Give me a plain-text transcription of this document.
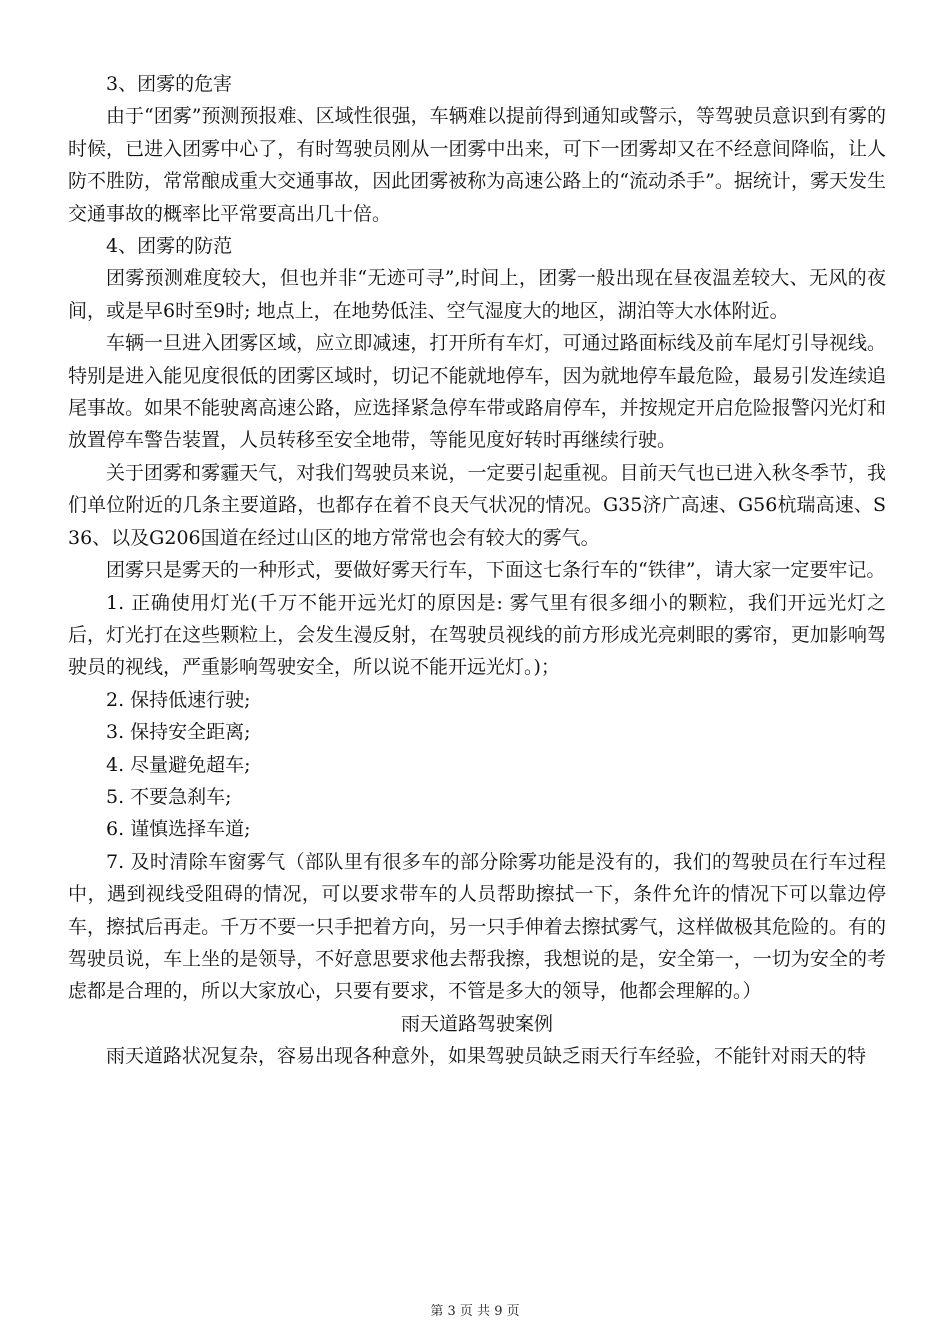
3、团雾的危害

由于“团雾”预测预报难、区域性很强，车辆难以提前得到通知或警示，等驾驶员意识到有雾的时候，已进入团雾中心了，有时驾驶员刚从一团雾中出来，可下一团雾却又在不经意间降临，让人防不胜防，常常酿成重大交通事故，因此团雾被称为高速公路上的“流动杀手”。据统计，雾天发生交通事故的概率比平常要高出几十倍。

4、团雾的防范

团雾预测难度较大，但也并非“无迹可寻”,时间上，团雾一般出现在昼夜温差较大、无风的夜间，或是早6时至9时; 地点上，在地势低洼、空气湿度大的地区，湖泊等大水体附近。

车辆一旦进入团雾区域，应立即减速，打开所有车灯，可通过路面标线及前车尾灯引导视线。特别是进入能见度很低的团雾区域时，切记不能就地停车，因为就地停车最危险，最易引发连续追尾事故。如果不能驶离高速公路，应选择紧急停车带或路肩停车，并按规定开启危险报警闪光灯和放置停车警告装置，人员转移至安全地带，等能见度好转时再继续行驶。

关于团雾和雾霾天气，对我们驾驶员来说，一定要引起重视。目前天气也已进入秋冬季节，我们单位附近的几条主要道路，也都存在着不良天气状况的情况。G35济广高速、G56杭瑞高速、S36、以及G206国道在经过山区的地方常常也会有较大的雾气。

团雾只是雾天的一种形式，要做好雾天行车，下面这七条行车的“铁律”，请大家一定要牢记。

1. 正确使用灯光(千万不能开远光灯的原因是: 雾气里有很多细小的颗粒，我们开远光灯之后，灯光打在这些颗粒上，会发生漫反射，在驾驶员视线的前方形成光亮刺眼的雾帘，更加影响驾驶员的视线，严重影响驾驶安全，所以说不能开远光灯。)；

2. 保持低速行驶;

3. 保持安全距离;

4. 尽量避免超车;

5. 不要急刹车;

6. 谨慎选择车道;

7. 及时清除车窗雾气（部队里有很多车的部分除雾功能是没有的，我们的驾驶员在行车过程中，遇到视线受阻碍的情况，可以要求带车的人员帮助擦拭一下，条件允许的情况下可以靠边停车，擦拭后再走。千万不要一只手把着方向，另一只手伸着去擦拭雾气，这样做极其危险的。有的驾驶员说，车上坐的是领导，不好意思要求他去帮我擦，我想说的是，安全第一，一切为安全的考虑都是合理的，所以大家放心，只要有要求，不管是多大的领导，他都会理解的。）

雨天道路驾驶案例

雨天道路状况复杂，容易出现各种意外，如果驾驶员缺乏雨天行车经验，不能针对雨天的特

第 3 页 共 9 页
